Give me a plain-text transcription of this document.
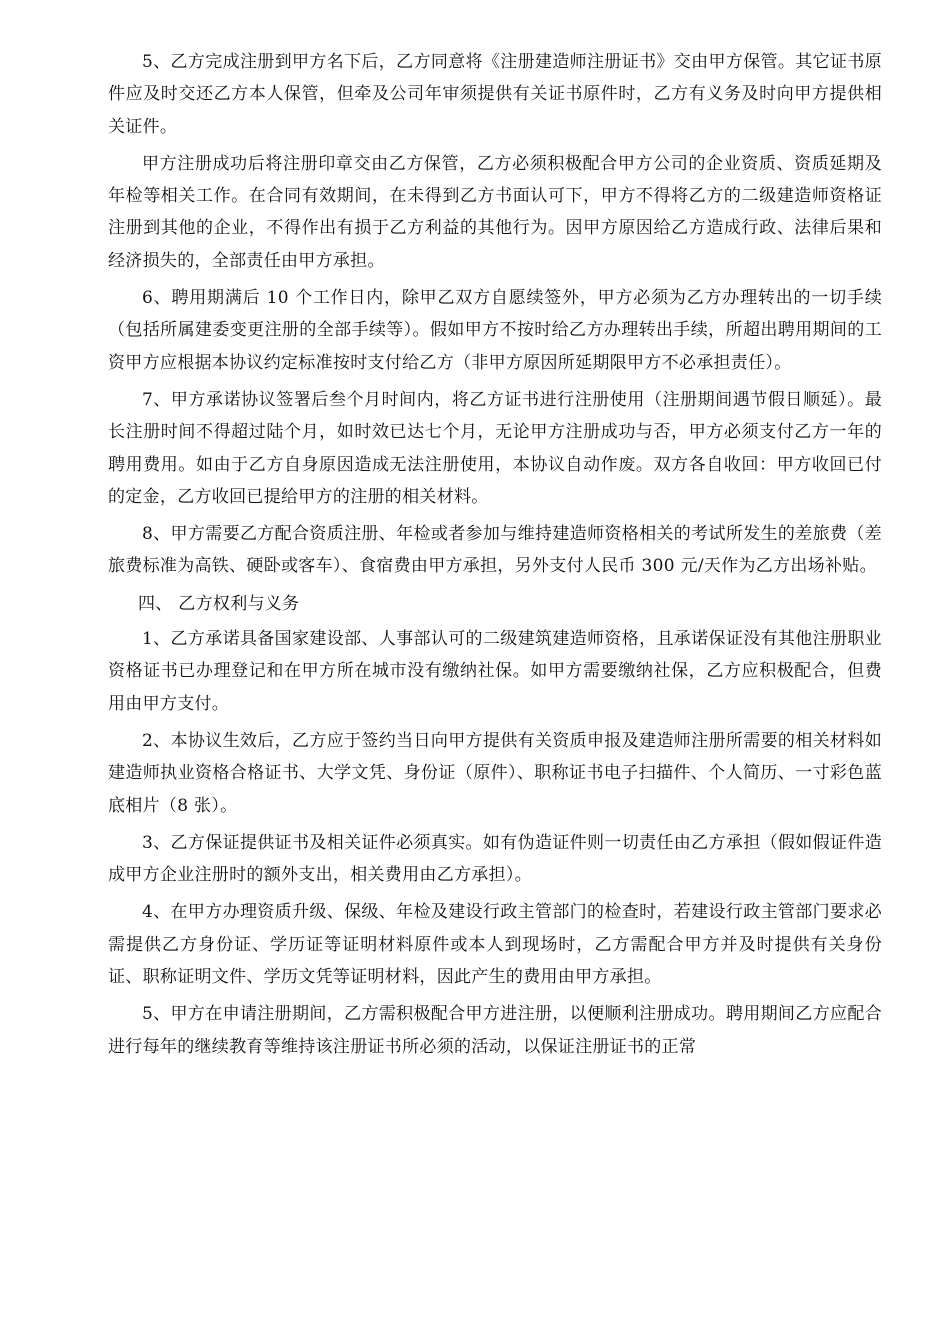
5、乙方完成注册到甲方名下后，乙方同意将《注册建造师注册证书》交由甲方保管。其它证书原件应及时交还乙方本人保管，但牵及公司年审须提供有关证书原件时，乙方有义务及时向甲方提供相关证件。

甲方注册成功后将注册印章交由乙方保管，乙方必须积极配合甲方公司的企业资质、资质延期及年检等相关工作。在合同有效期间，在未得到乙方书面认可下，甲方不得将乙方的二级建造师资格证注册到其他的企业，不得作出有损于乙方利益的其他行为。因甲方原因给乙方造成行政、法律后果和经济损失的，全部责任由甲方承担。

6、聘用期满后 10 个工作日内，除甲乙双方自愿续签外，甲方必须为乙方办理转出的一切手续（包括所属建委变更注册的全部手续等）。假如甲方不按时给乙方办理转出手续，所超出聘用期间的工资甲方应根据本协议约定标准按时支付给乙方（非甲方原因所延期限甲方不必承担责任）。

7、甲方承诺协议签署后叁个月时间内，将乙方证书进行注册使用（注册期间遇节假日顺延）。最长注册时间不得超过陆个月，如时效已达七个月，无论甲方注册成功与否，甲方必须支付乙方一年的聘用费用。如由于乙方自身原因造成无法注册使用，本协议自动作废。双方各自收回：甲方收回已付的定金，乙方收回已提给甲方的注册的相关材料。

8、甲方需要乙方配合资质注册、年检或者参加与维持建造师资格相关的考试所发生的差旅费（差旅费标准为高铁、硬卧或客车）、食宿费由甲方承担，另外支付人民币 300 元/天作为乙方出场补贴。

四、 乙方权利与义务

1、乙方承诺具备国家建设部、人事部认可的二级建筑建造师资格，且承诺保证没有其他注册职业资格证书已办理登记和在甲方所在城市没有缴纳社保。如甲方需要缴纳社保，乙方应积极配合，但费用由甲方支付。

2、本协议生效后，乙方应于签约当日向甲方提供有关资质申报及建造师注册所需要的相关材料如建造师执业资格合格证书、大学文凭、身份证（原件）、职称证书电子扫描件、个人简历、一寸彩色蓝底相片（8 张）。

3、乙方保证提供证书及相关证件必须真实。如有伪造证件则一切责任由乙方承担（假如假证件造成甲方企业注册时的额外支出，相关费用由乙方承担）。

4、在甲方办理资质升级、保级、年检及建设行政主管部门的检查时，若建设行政主管部门要求必需提供乙方身份证、学历证等证明材料原件或本人到现场时，乙方需配合甲方并及时提供有关身份证、职称证明文件、学历文凭等证明材料，因此产生的费用由甲方承担。

5、甲方在申请注册期间，乙方需积极配合甲方进注册，以便顺利注册成功。聘用期间乙方应配合进行每年的继续教育等维持该注册证书所必须的活动，以保证注册证书的正常
